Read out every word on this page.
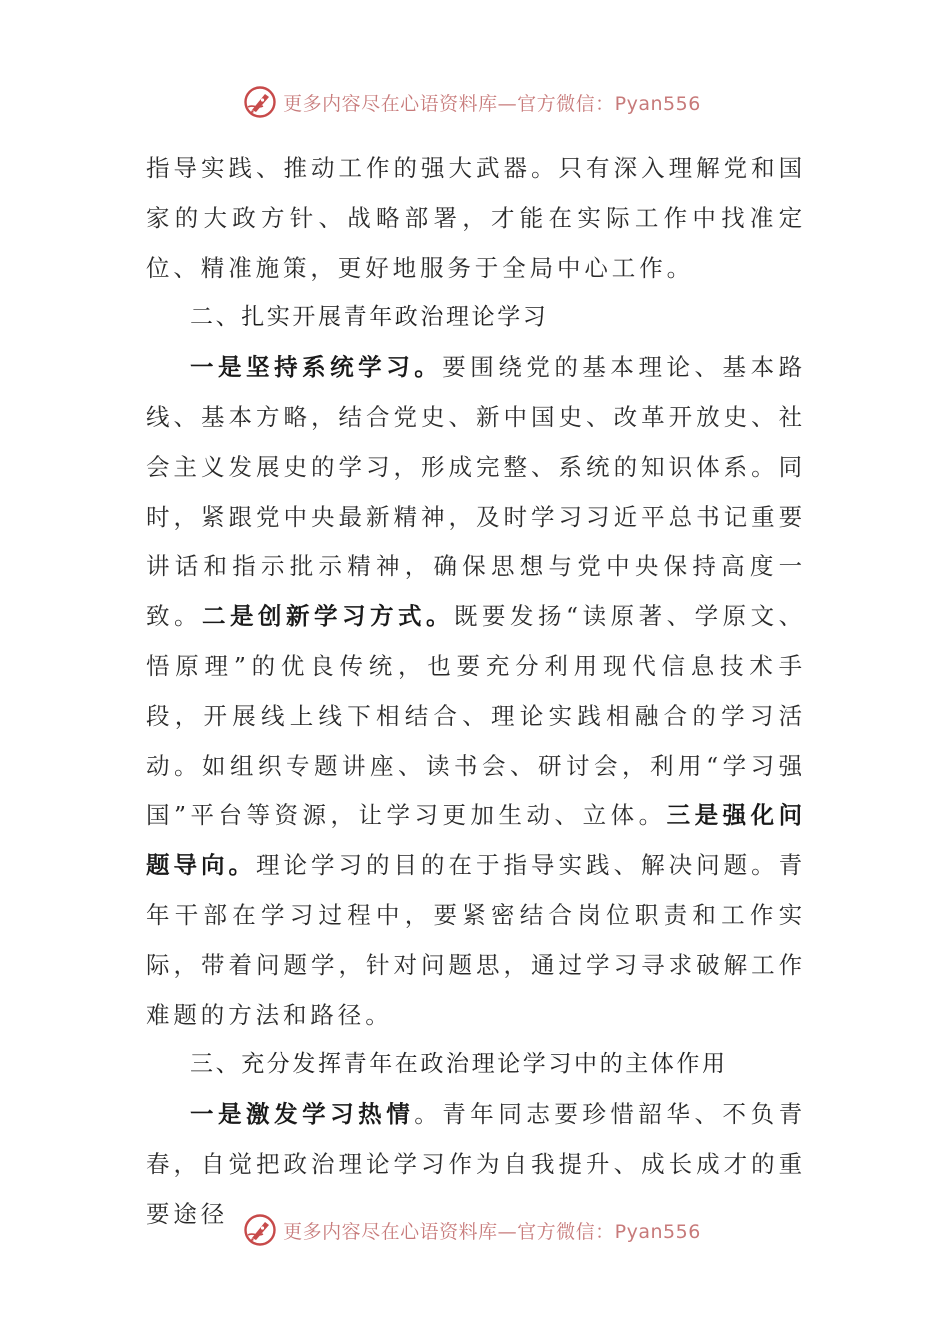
更多内容尽在心语资料库—官方微信：Pyan556

指导实践、推动工作的强大武器。只有深入理解党和国家的大政方针、战略部署，才能在实际工作中找准定位、精准施策，更好地服务于全局中心工作。

二、扎实开展青年政治理论学习

一是坚持系统学习。要围绕党的基本理论、基本路线、基本方略，结合党史、新中国史、改革开放史、社会主义发展史的学习，形成完整、系统的知识体系。同时，紧跟党中央最新精神，及时学习习近平总书记重要讲话和指示批示精神，确保思想与党中央保持高度一致。二是创新学习方式。既要发扬“读原著、学原文、悟原理”的优良传统，也要充分利用现代信息技术手段，开展线上线下相结合、理论实践相融合的学习活动。如组织专题讲座、读书会、研讨会，利用“学习强国”平台等资源，让学习更加生动、立体。三是强化问题导向。理论学习的目的在于指导实践、解决问题。青年干部在学习过程中，要紧密结合岗位职责和工作实际，带着问题学，针对问题思，通过学习寻求破解工作难题的方法和路径。

三、充分发挥青年在政治理论学习中的主体作用

一是激发学习热情。青年同志要珍惜韶华、不负青春，自觉把政治理论学习作为自我提升、成长成才的重要途径

更多内容尽在心语资料库—官方微信：Pyan556
